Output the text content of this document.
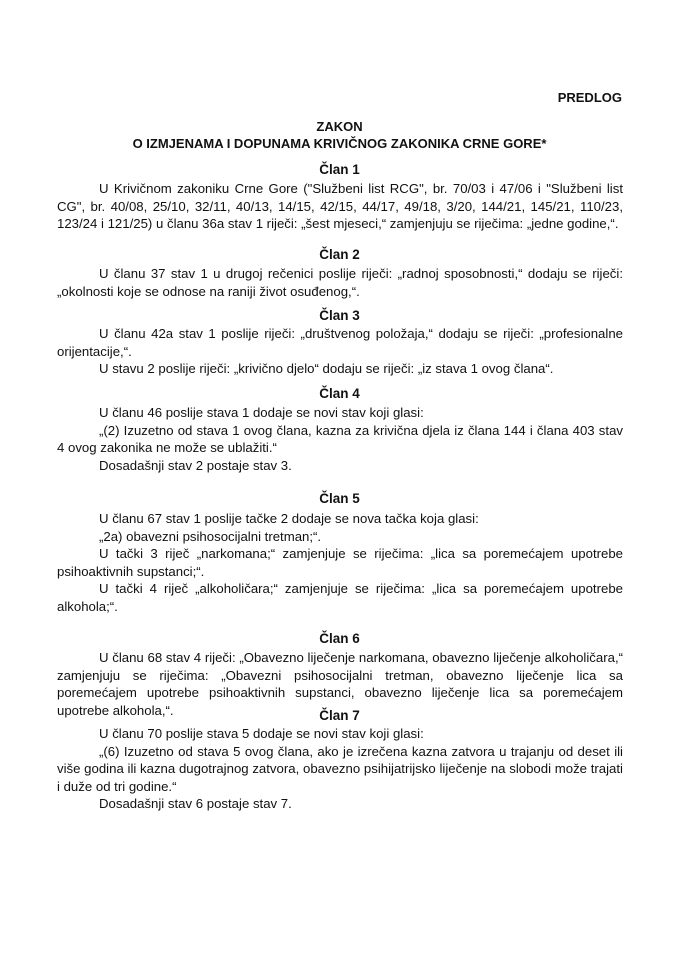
PREDLOG
ZAKON
O IZMJENAMA I DOPUNAMA KRIVIČNOG ZAKONIKA CRNE GORE*
Član 1

U Krivičnom zakoniku Crne Gore ("Službeni list RCG", br. 70/03 i 47/06 i "Službeni list CG", br. 40/08, 25/10, 32/11, 40/13, 14/15, 42/15, 44/17, 49/18, 3/20, 144/21, 145/21, 110/23, 123/24 i 121/25) u članu 36a stav 1 riječi: „šest mjeseci,“ zamjenjuju se riječima: „jedne godine,“.

Član 2

U članu 37 stav 1 u drugoj rečenici poslije riječi: „radnoj sposobnosti,“ dodaju se riječi: „okolnosti koje se odnose na raniji život osuđenog,“.

Član 3

U članu 42a stav 1 poslije riječi: „društvenog položaja,“ dodaju se riječi: „profesionalne orijentacije,“.

U stavu 2 poslije riječi: „krivično djelo“ dodaju se riječi: „iz stava 1 ovog člana“.

Član 4

U članu 46 poslije stava 1 dodaje se novi stav koji glasi:

„(2) Izuzetno od stava 1 ovog člana, kazna za krivična djela iz člana 144 i člana 403 stav 4 ovog zakonika ne može se ublažiti.“

Dosadašnji stav 2 postaje stav 3.

Član 5

U članu 67 stav 1 poslije tačke 2 dodaje se nova tačka koja glasi:

„2a) obavezni psihosocijalni tretman;“.

U tački 3 riječ „narkomana;“ zamjenjuje se riječima: „lica sa poremećajem upotrebe psihoaktivnih supstanci;“.

U tački 4 riječ „alkoholičara;“ zamjenjuje se riječima: „lica sa poremećajem upotrebe alkohola;“.

Član 6

U članu 68 stav 4 riječi: „Obavezno liječenje narkomana, obavezno liječenje alkoholičara,“ zamjenjuju se riječima: „Obavezni psihosocijalni tretman, obavezno liječenje lica sa poremećajem upotrebe psihoaktivnih supstanci, obavezno liječenje lica sa poremećajem upotrebe alkohola,“.	Član 7

U članu 70 poslije stava 5 dodaje se novi stav koji glasi:

„(6) Izuzetno od stava 5 ovog člana, ako je izrečena kazna zatvora u trajanju od deset ili više godina ili kazna dugotrajnog zatvora, obavezno psihijatrijsko liječenje na slobodi može trajati i duže od tri godine.“

Dosadašnji stav 6 postaje stav 7.
